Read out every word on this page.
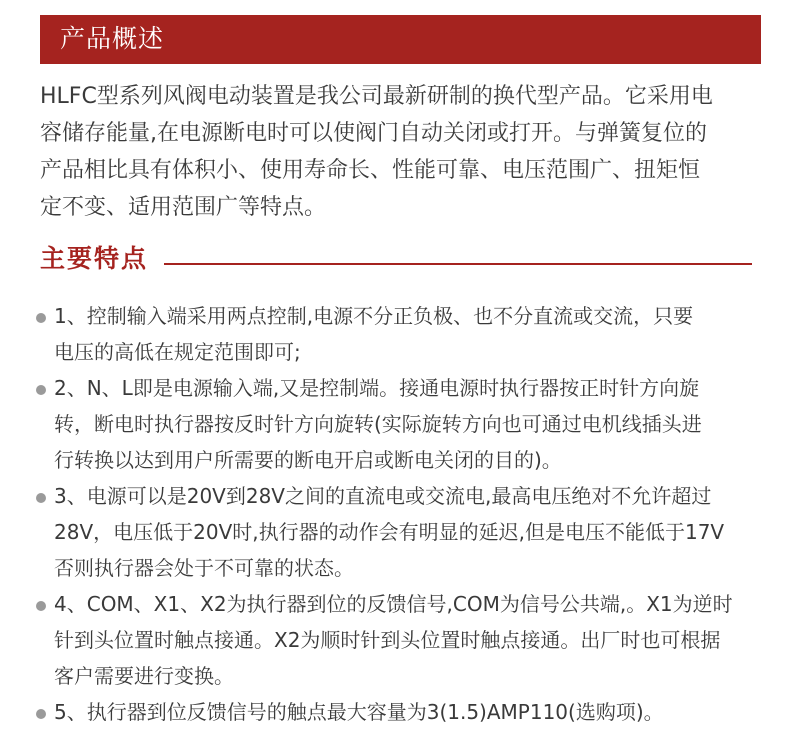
产品概述
HLFC型系列风阀电动装置是我公司最新研制的换代型产品。它采用电
容储存能量,在电源断电时可以使阀门自动关闭或打开。与弹簧复位的
产品相比具有体积小、使用寿命长、性能可靠、电压范围广、扭矩恒
定不变、适用范围广等特点。
主要特点
1、控制输入端采用两点控制,电源不分正负极、也不分直流或交流，只要
电压的高低在规定范围即可;
2、N、L即是电源输入端,又是控制端。接通电源时执行器按正时针方向旋
转，断电时执行器按反时针方向旋转(实际旋转方向也可通过电机线插头进
行转换以达到用户所需要的断电开启或断电关闭的目的)。
3、电源可以是20V到28V之间的直流电或交流电,最高电压绝对不允许超过
28V，电压低于20V时,执行器的动作会有明显的延迟,但是电压不能低于17V
否则执行器会处于不可靠的状态。
4、COM、X1、X2为执行器到位的反馈信号,COM为信号公共端,。X1为逆时
针到头位置时触点接通。X2为顺时针到头位置时触点接通。出厂时也可根据
客户需要进行变换。
5、执行器到位反馈信号的触点最大容量为3(1.5)AMP110(选购项)。
